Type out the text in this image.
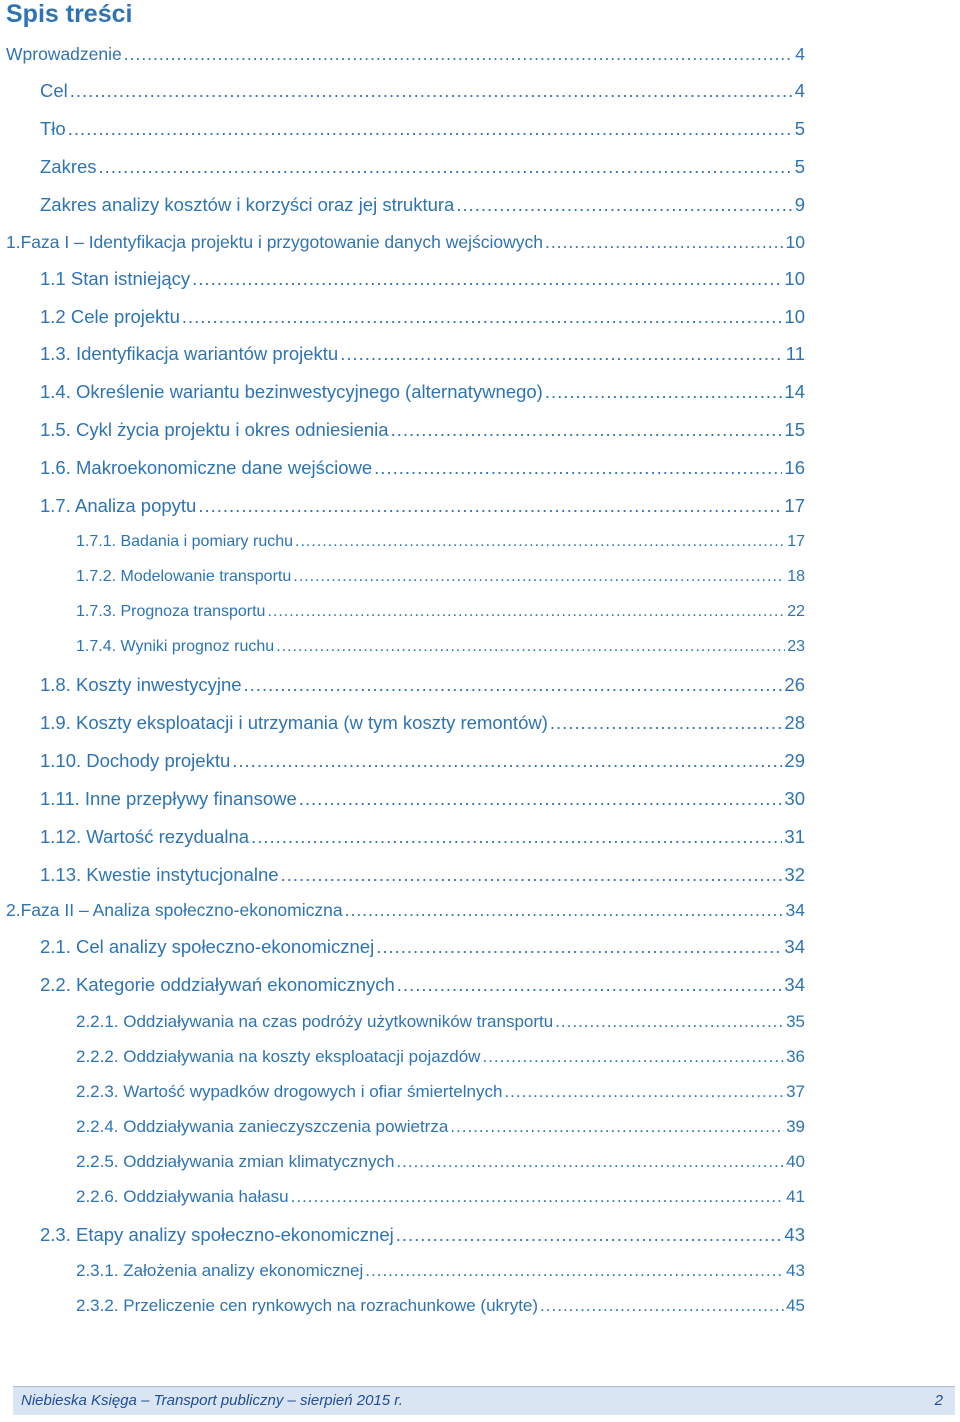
Spis treści
Wprowadzenie .....	4
Cel .....	4
Tło .....	5
Zakres .....	5
Zakres analizy kosztów i korzyści oraz jej struktura .....	9
1. Faza I – Identyfikacja projektu i przygotowanie danych wejściowych .....	10
1.1 Stan istniejący .....	10
1.2 Cele projektu .....	10
1.3. Identyfikacja wariantów projektu .....	11
1.4. Określenie wariantu bezinwestycyjnego (alternatywnego) .....	14
1.5. Cykl życia projektu i okres odniesienia .....	15
1.6. Makroekonomiczne dane wejściowe .....	16
1.7. Analiza popytu .....	17
1.7.1. Badania i pomiary ruchu .....	17
1.7.2. Modelowanie transportu .....	18
1.7.3. Prognoza transportu .....	22
1.7.4. Wyniki prognoz ruchu .....	23
1.8. Koszty inwestycyjne .....	26
1.9. Koszty eksploatacji i utrzymania (w tym koszty remontów) .....	28
1.10. Dochody projektu .....	29
1.11. Inne przepływy finansowe .....	30
1.12. Wartość rezydualna .....	31
1.13. Kwestie instytucjonalne .....	32
2. Faza II – Analiza społeczno-ekonomiczna .....	34
2.1. Cel analizy społeczno-ekonomicznej .....	34
2.2. Kategorie oddziaływań ekonomicznych .....	34
2.2.1. Oddziaływania na czas podróży użytkowników transportu .....	35
2.2.2. Oddziaływania na koszty eksploatacji pojazdów .....	36
2.2.3. Wartość wypadków drogowych i ofiar śmiertelnych .....	37
2.2.4. Oddziaływania zanieczyszczenia powietrza .....	39
2.2.5. Oddziaływania zmian klimatycznych .....	40
2.2.6. Oddziaływania hałasu .....	41
2.3. Etapy analizy społeczno-ekonomicznej .....	43
2.3.1. Założenia analizy ekonomicznej .....	43
2.3.2. Przeliczenie cen rynkowych na rozrachunkowe (ukryte) .....	45
Niebieska Księga – Transport publiczny – sierpień 2015 r.	2
